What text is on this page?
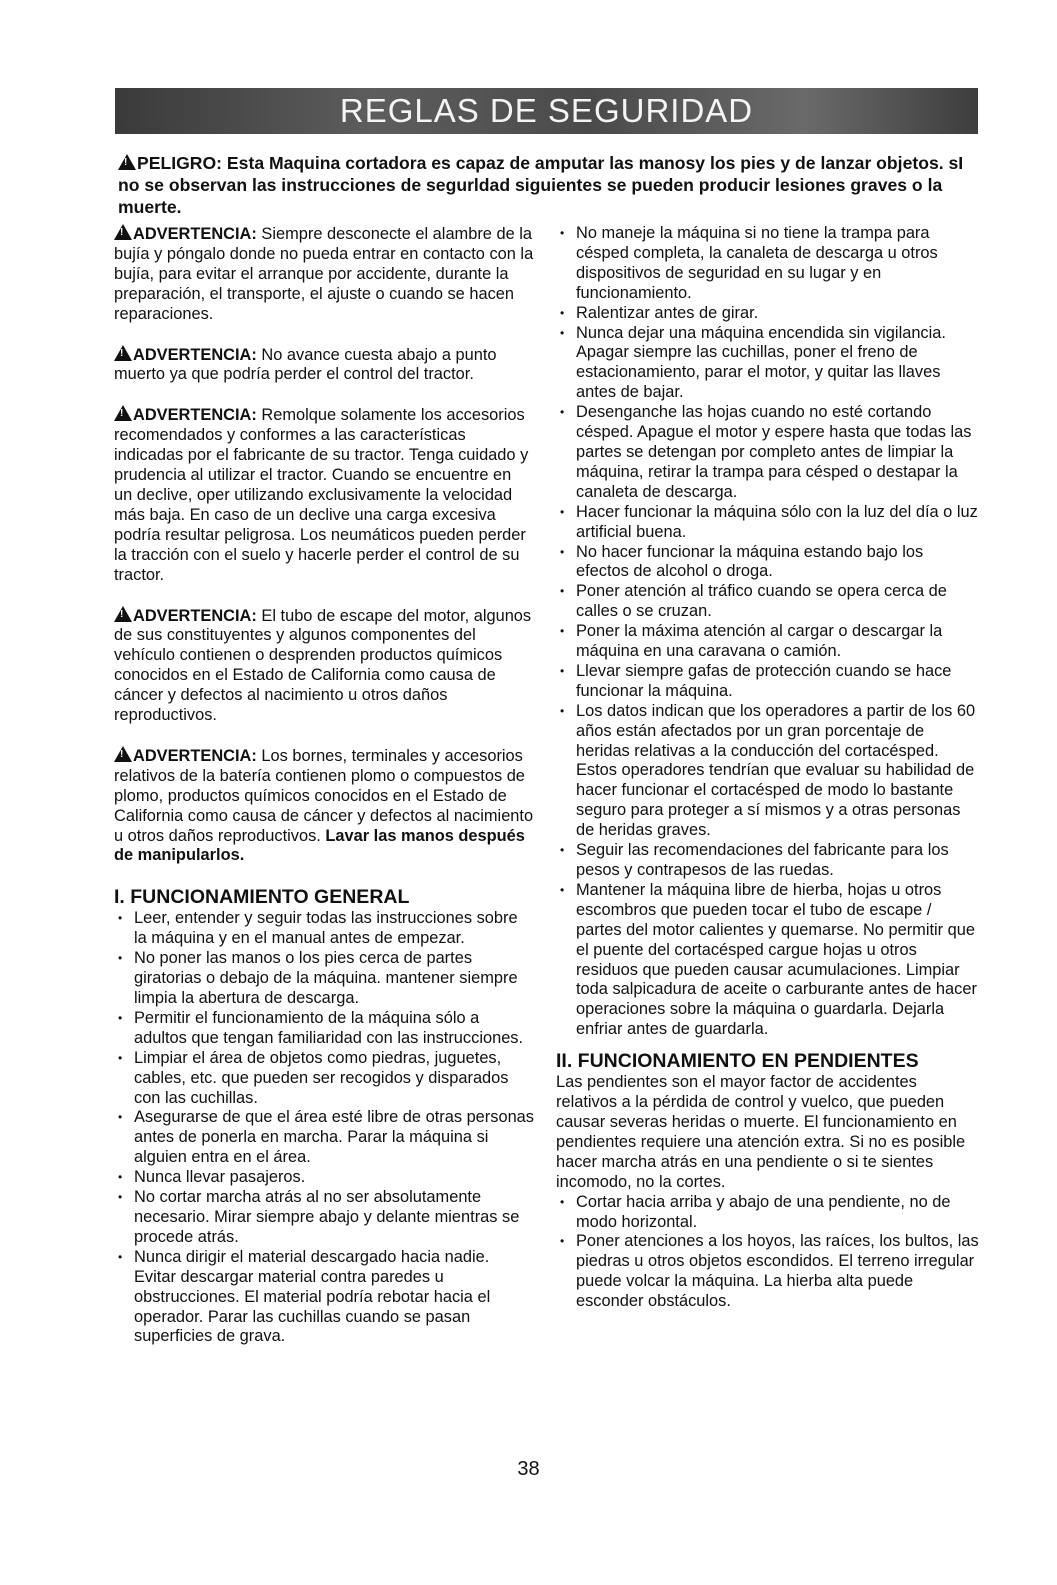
REGLAS DE SEGURIDAD
!PELIGRO: Esta Maquina cortadora es capaz de amputar las manosy los pies y de lanzar objetos. sI no se observan las instrucciones de segurldad siguientes se pueden producir lesiones graves o la muerte.

!ADVERTENCIA: Siempre desconecte el alambre de la bujía y póngalo donde no pueda entrar en contacto con la bujía, para evitar el arranque por accidente, durante la preparación, el transporte, el ajuste o cuando se hacen reparaciones.

!ADVERTENCIA: No avance cuesta abajo a punto muerto ya que podría perder el control del tractor.

!ADVERTENCIA: Remolque solamente los accesorios recomendados y conformes a las características indicadas por el fabricante de su tractor. Tenga cuidado y prudencia al utilizar el tractor. Cuando se encuentre en un declive, oper utilizando exclusivamente la velocidad más baja. En caso de un declive una carga excesiva podría resultar peligrosa. Los neumáticos pueden perder la tracción con el suelo y hacerle perder el control de su tractor.

!ADVERTENCIA: El tubo de escape del motor, algunos de sus constituyentes y algunos componentes del vehículo contienen o desprenden productos químicos conocidos en el Estado de California como causa de cáncer y defectos al nacimiento u otros daños reproductivos.

!ADVERTENCIA: Los bornes, terminales y accesorios relativos de la batería contienen plomo o compuestos de plomo, productos químicos conocidos en el Estado de California como causa de cáncer y defectos al nacimiento u otros daños reproductivos. Lavar las manos después de manipularlos.

I. FUNCIONAMIENTO GENERAL
• Leer, entender y seguir todas las instrucciones sobre la máquina y en el manual antes de empezar.
• No poner las manos o los pies cerca de partes giratorias o debajo de la máquina. mantener siempre limpia la abertura de descarga.
• Permitir el funcionamiento de la máquina sólo a adultos que tengan familiaridad con las instrucciones.
• Limpiar el área de objetos como piedras, juguetes, cables, etc. que pueden ser recogidos y disparados con las cuchillas.
• Asegurarse de que el área esté libre de otras personas antes de ponerla en marcha. Parar la máquina si alguien entra en el área.
• Nunca llevar pasajeros.
• No cortar marcha atrás al no ser absolutamente necesario. Mirar siempre abajo y delante mientras se procede atrás.
• Nunca dirigir el material descargado hacia nadie. Evitar descargar material contra paredes u obstrucciones. El material podría rebotar hacia el operador. Parar las cuchillas cuando se pasan superficies de grava.
• No maneje la máquina si no tiene la trampa para césped completa, la canaleta de descarga u otros dispositivos de seguridad en su lugar y en funcionamiento.
• Ralentizar antes de girar.
• Nunca dejar una máquina encendida sin vigilancia. Apagar siempre las cuchillas, poner el freno de estacionamiento, parar el motor, y quitar las llaves antes de bajar.
• Desenganche las hojas cuando no esté cortando césped. Apague el motor y espere hasta que todas las partes se detengan por completo antes de limpiar la máquina, retirar la trampa para césped o destapar la canaleta de descarga.
• Hacer funcionar la máquina sólo con la luz del día o luz artificial buena.
• No hacer funcionar la máquina estando bajo los efectos de alcohol o droga.
• Poner atención al tráfico cuando se opera cerca de calles o se cruzan.
• Poner la máxima atención al cargar o descargar la máquina en una caravana o camión.
• Llevar siempre gafas de protección cuando se hace funcionar la máquina.
• Los datos indican que los operadores a partir de los 60 años están afectados por un gran porcentaje de heridas relativas a la conducción del cortacésped. Estos operadores tendrían que evaluar su habilidad de hacer funcionar el cortacésped de modo lo bastante seguro para proteger a sí mismos y a otras personas de heridas graves.
• Seguir las recomendaciones del fabricante para los pesos y contrapesos de las ruedas.
• Mantener la máquina libre de hierba, hojas u otros escombros que pueden tocar el tubo de escape / partes del motor calientes y quemarse. No permitir que el puente del cortacésped cargue hojas u otros residuos que pueden causar acumulaciones. Limpiar toda salpicadura de aceite o carburante antes de hacer operaciones sobre la máquina o guardarla. Dejarla enfriar antes de guardarla.
II. FUNCIONAMIENTO EN PENDIENTES

Las pendientes son el mayor factor de accidentes relativos a la pérdida de control y vuelco, que pueden causar severas heridas o muerte. El funcionamiento en pendientes requiere una atención extra. Si no es posible hacer marcha atrás en una pendiente o si te sientes incomodo, no la cortes.

• Cortar hacia arriba y abajo de una pendiente, no de modo horizontal.
• Poner atenciones a los hoyos, las raíces, los bultos, las piedras u otros objetos escondidos. El terreno irregular puede volcar la máquina. La hierba alta puede esconder obstáculos.
38
